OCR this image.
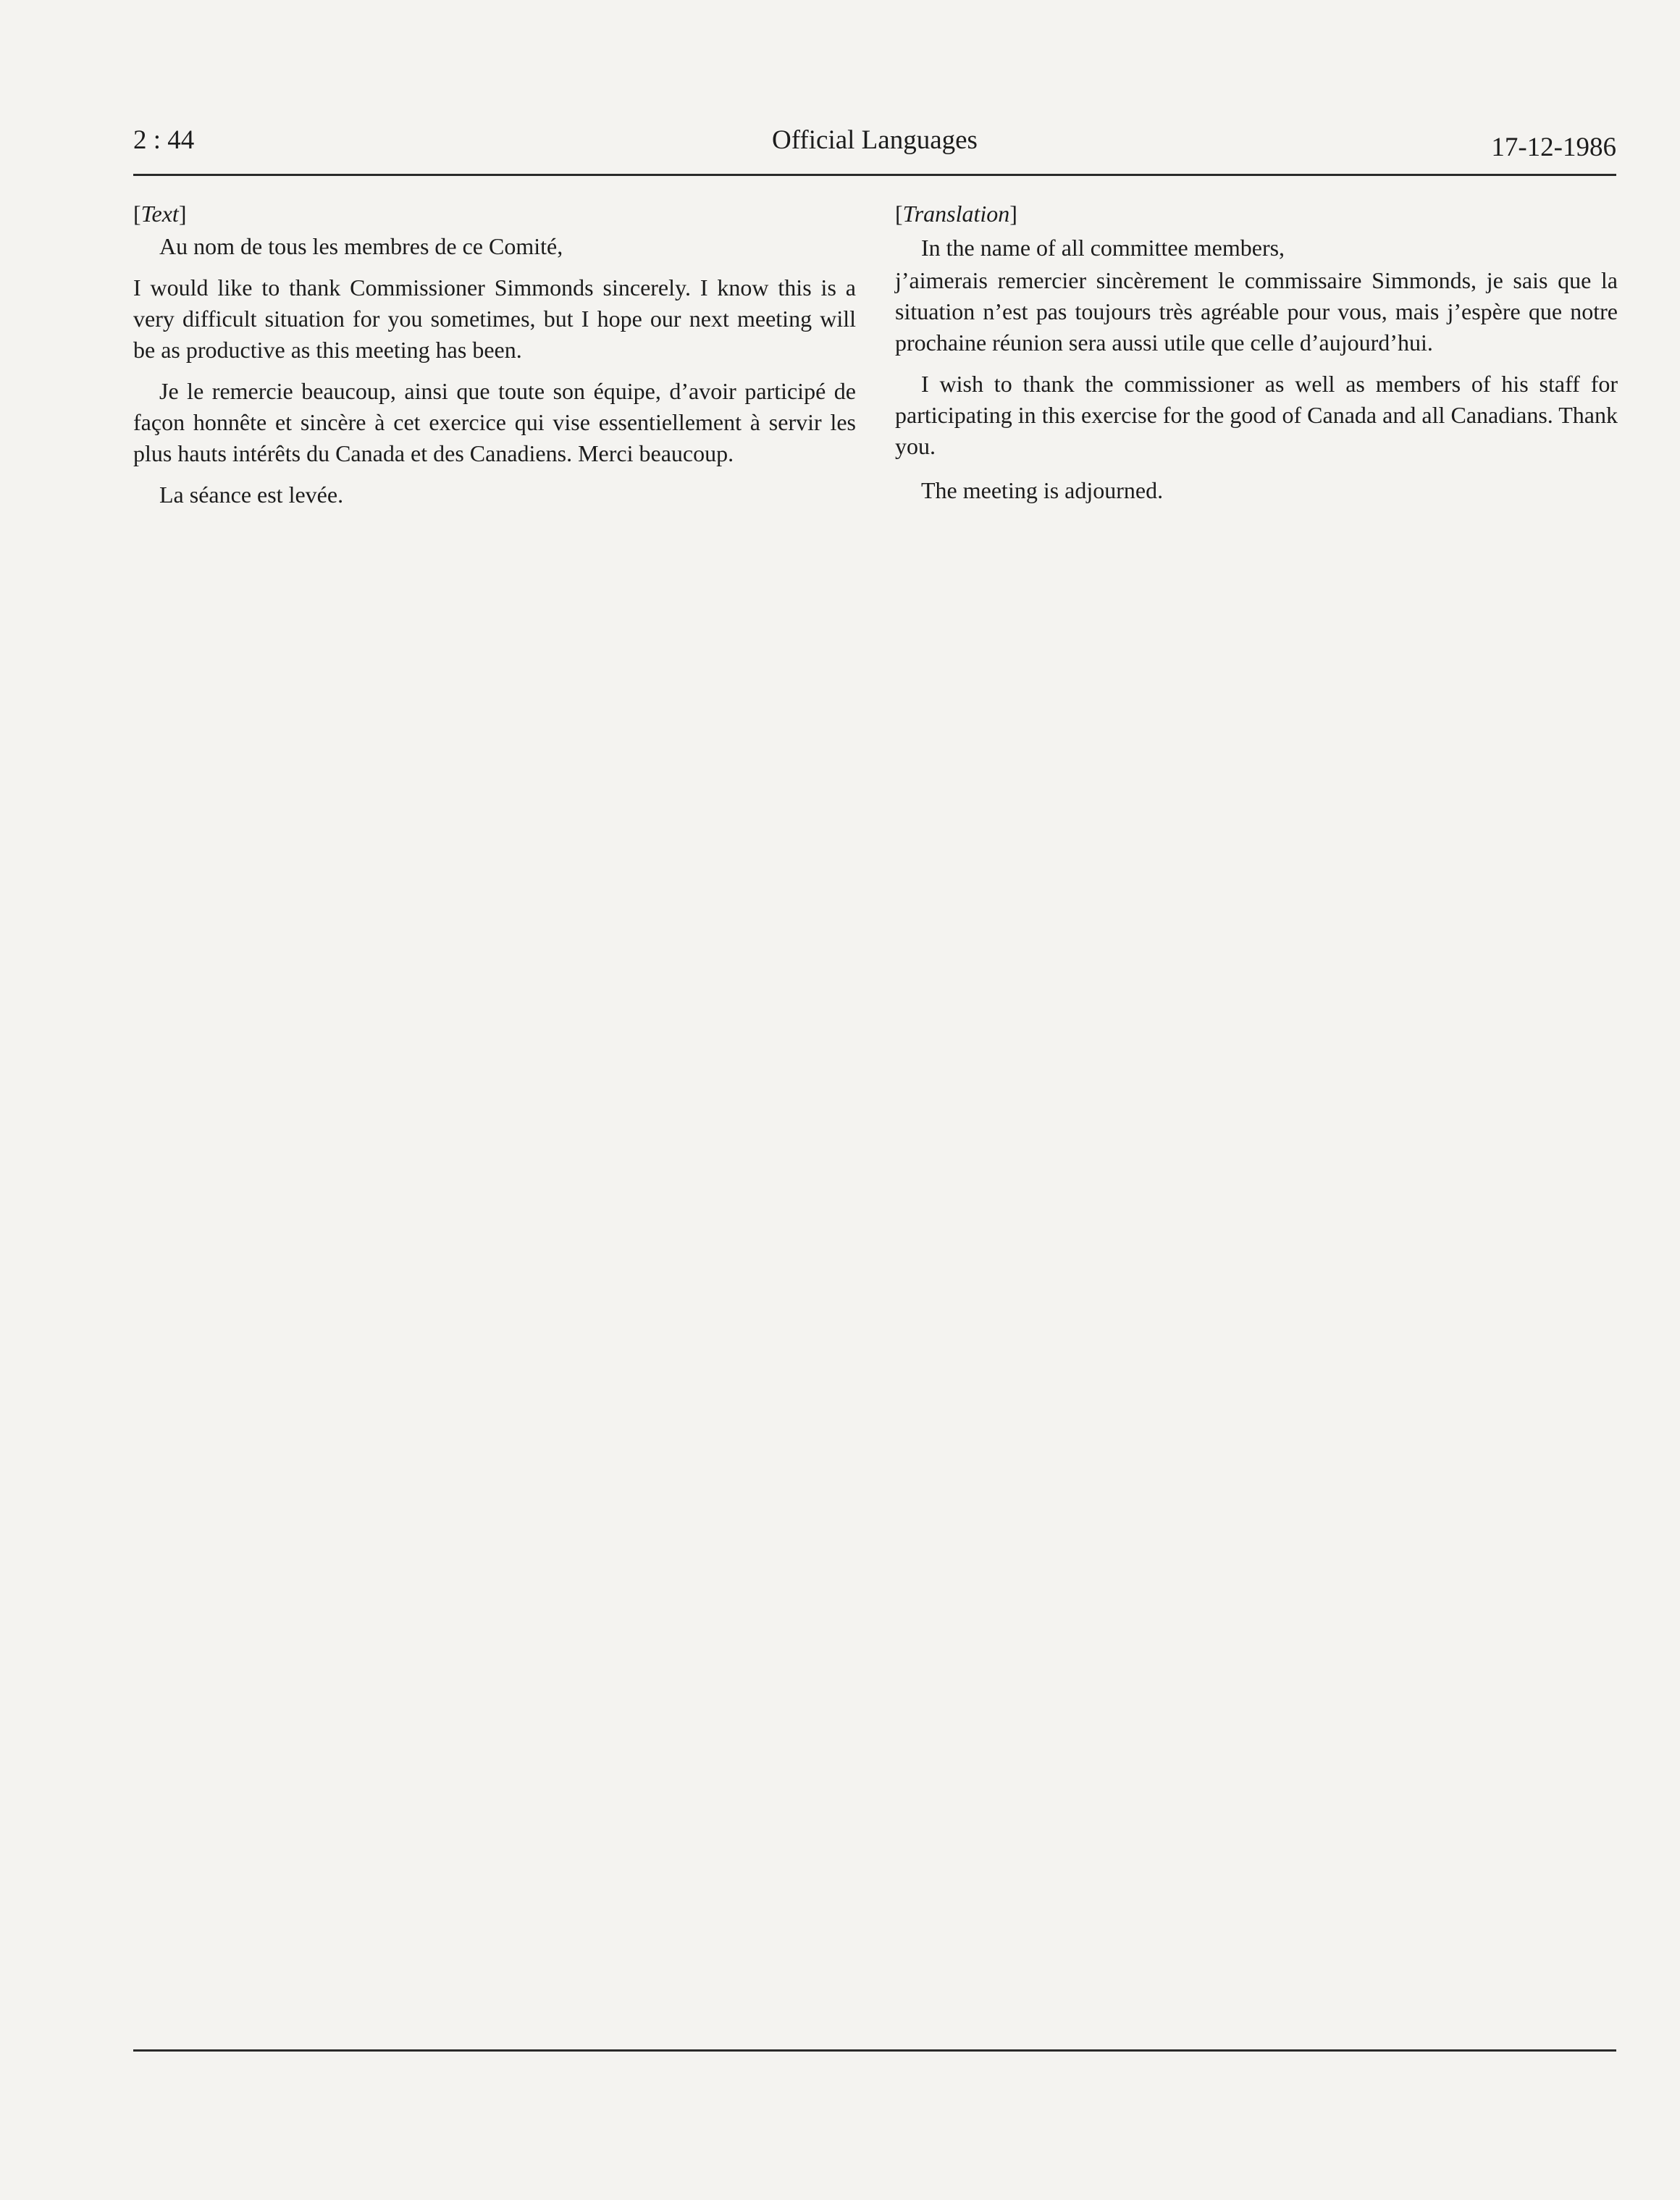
2 : 44	Official Languages	17-12-1986
[Text]

Au nom de tous les membres de ce Comité,

I would like to thank Commissioner Simmonds sincerely. I know this is a very difficult situation for you sometimes, but I hope our next meeting will be as productive as this meeting has been.

Je le remercie beaucoup, ainsi que toute son équipe, d’avoir participé de façon honnête et sincère à cet exercice qui vise essentiellement à servir les plus hauts intérêts du Canada et des Canadiens. Merci beaucoup.

La séance est levée.

[Translation]

In the name of all committee members,

j’aimerais remercier sincèrement le commissaire Simmonds, je sais que la situation n’est pas toujours très agréable pour vous, mais j’espère que notre prochaine réunion sera aussi utile que celle d’aujourd’hui.

I wish to thank the commissioner as well as members of his staff for participating in this exercise for the good of Canada and all Canadians. Thank you.

The meeting is adjourned.
